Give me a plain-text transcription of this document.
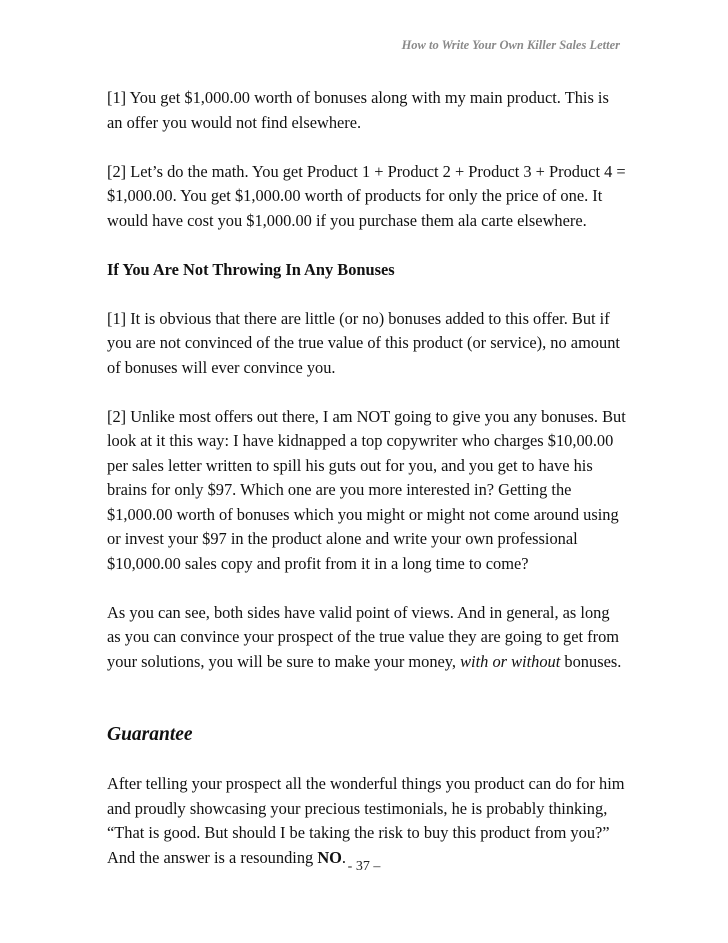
How to Write Your Own Killer Sales Letter

[1] You get $1,000.00 worth of bonuses along with my main product. This is an offer you would not find elsewhere.

[2] Let’s do the math. You get Product 1 + Product 2 + Product 3 + Product 4 = $1,000.00. You get $1,000.00 worth of products for only the price of one. It would have cost you $1,000.00 if you purchase them ala carte elsewhere.

If You Are Not Throwing In Any Bonuses

[1] It is obvious that there are little (or no) bonuses added to this offer. But if you are not convinced of the true value of this product (or service), no amount of bonuses will ever convince you.

[2] Unlike most offers out there, I am NOT going to give you any bonuses. But look at it this way: I have kidnapped a top copywriter who charges $10,00.00 per sales letter written to spill his guts out for you, and you get to have his brains for only $97. Which one are you more interested in? Getting the $1,000.00 worth of bonuses which you might or might not come around using or invest your $97 in the product alone and write your own professional $10,000.00 sales copy and profit from it in a long time to come?

As you can see, both sides have valid point of views. And in general, as long as you can convince your prospect of the true value they are going to get from your solutions, you will be sure to make your money, with or without bonuses.

Guarantee

After telling your prospect all the wonderful things you product can do for him and proudly showcasing your precious testimonials, he is probably thinking, “That is good. But should I be taking the risk to buy this product from you?” And the answer is a resounding NO. - 37 –
